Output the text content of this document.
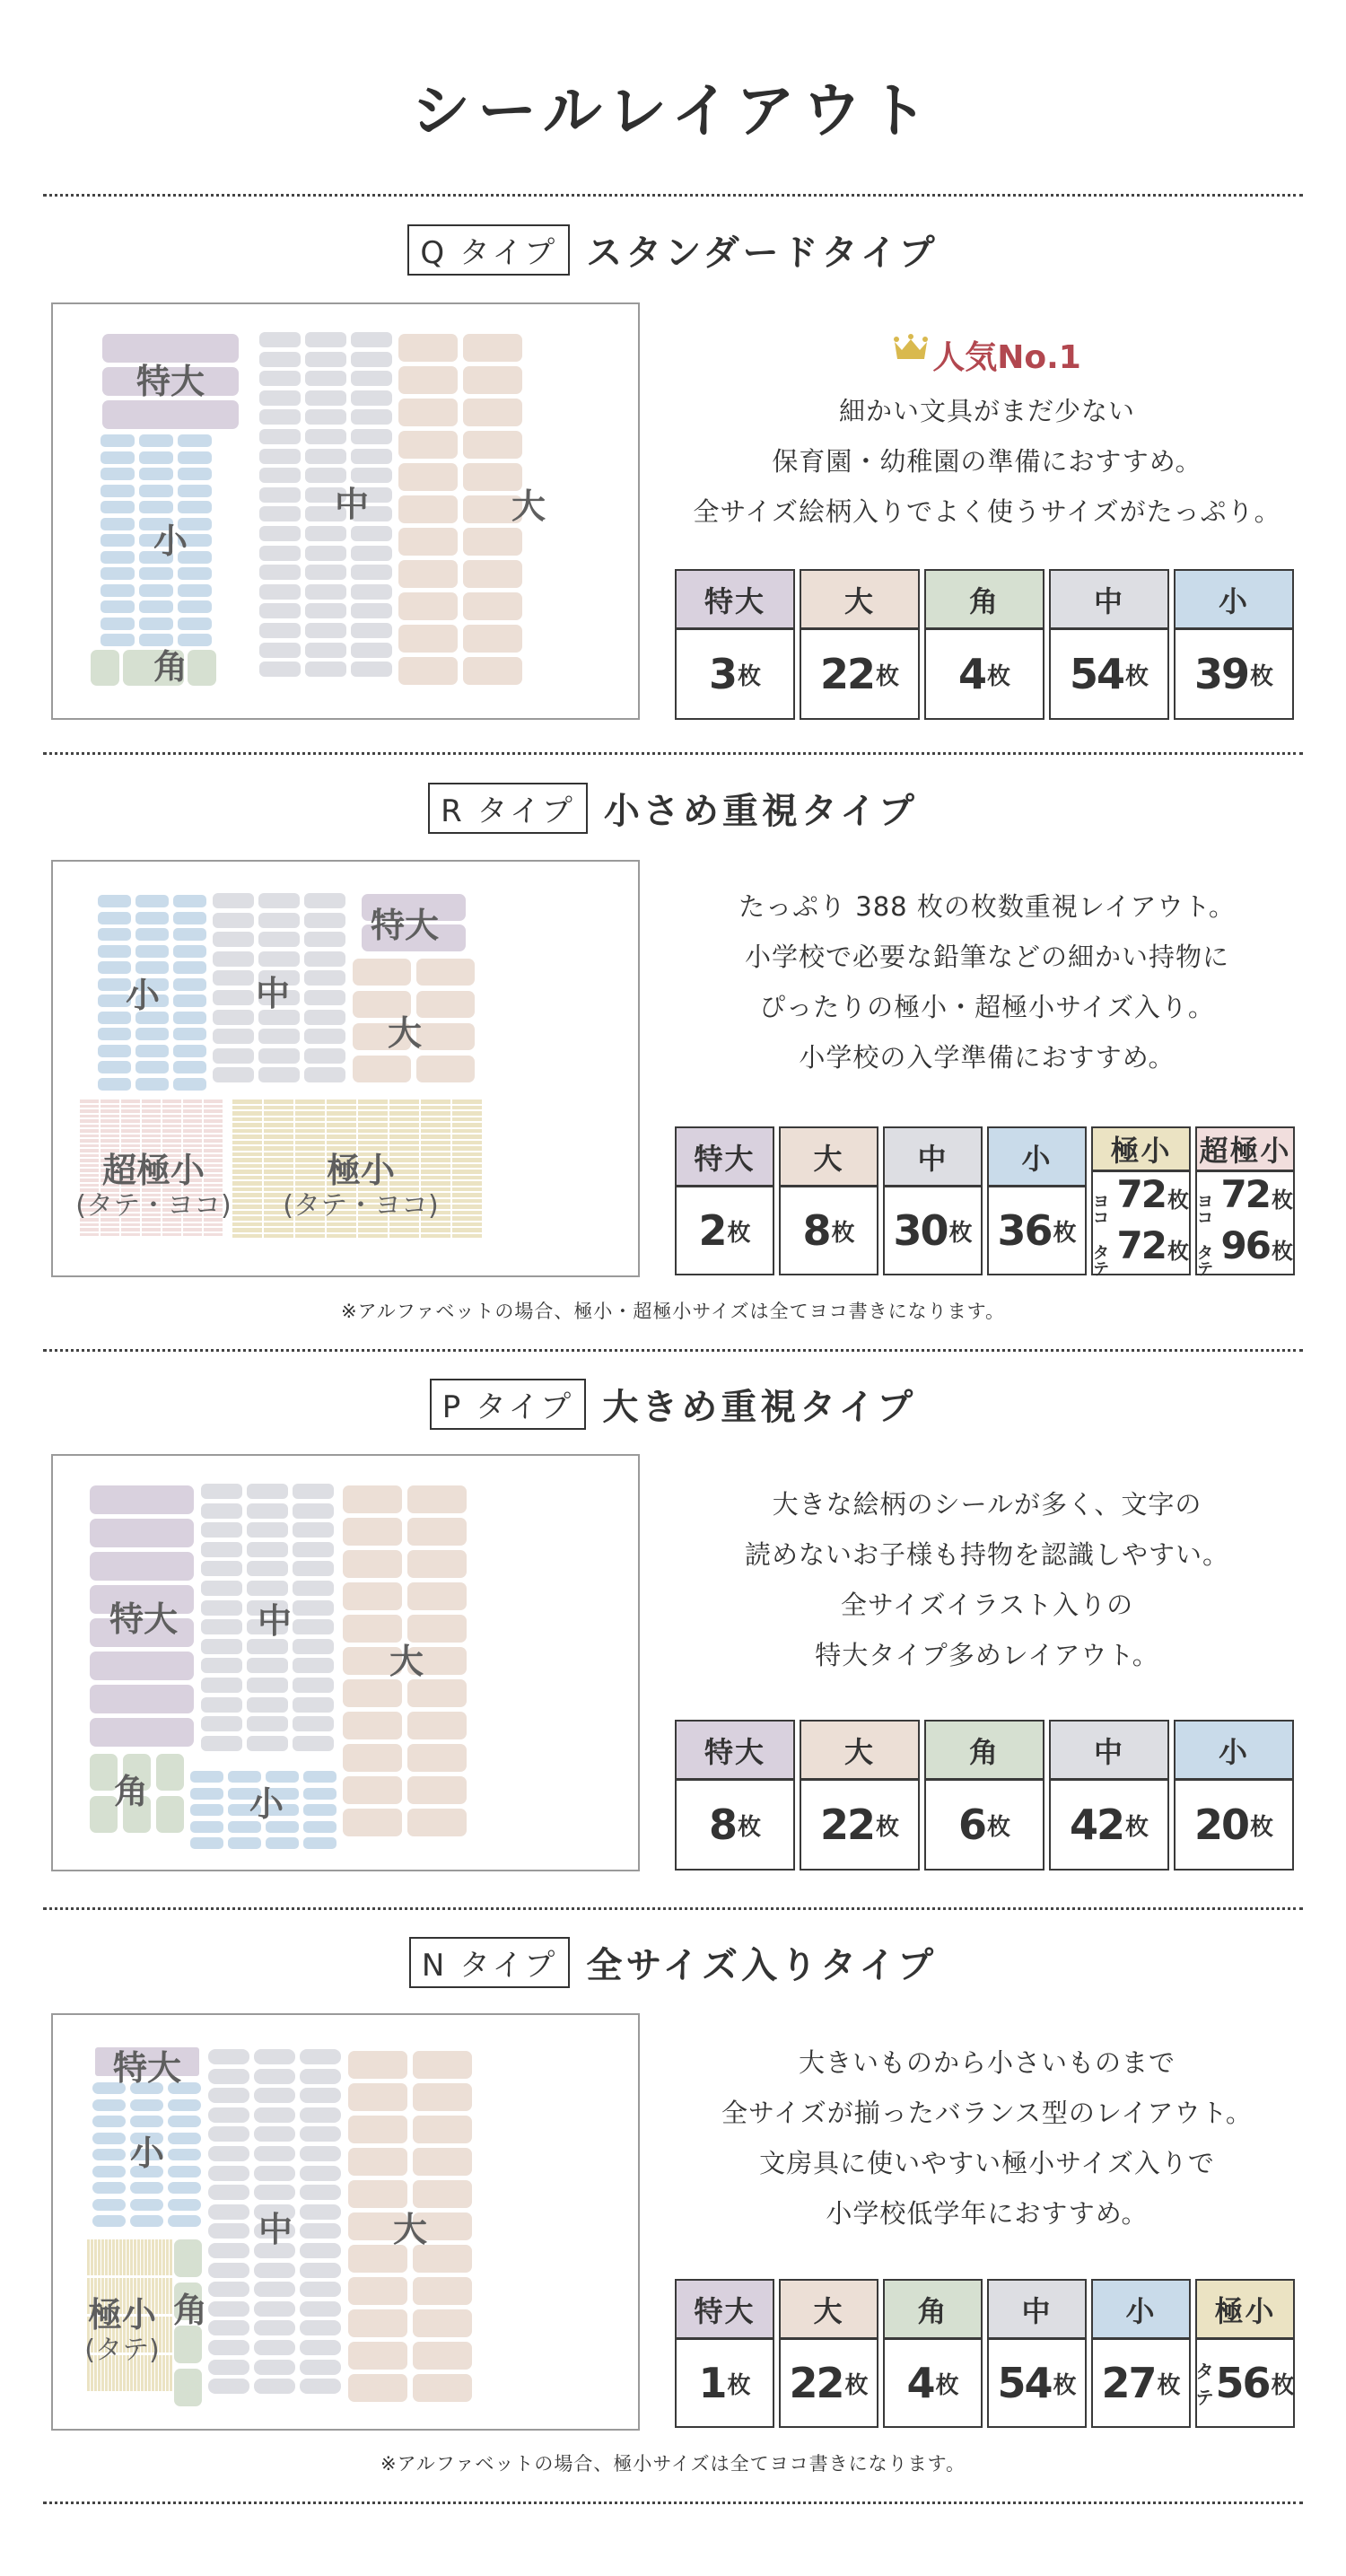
シールレイアウト
Q タイプ スタンダードタイプ
特大
小
角
中	大
人気No.1
細かい文具がまだ少ない
保育園・幼稚園の準備におすすめ。
全サイズ絵柄入りでよく使うサイズがたっぷり。
特大
3 枚
大
22 枚
角
4 枚
中
54 枚
小
39 枚
R タイプ 小さめ重視タイプ
小	中
特大
大
超極小
(タテ・ヨコ)
極小
(タテ・ヨコ)
たっぷり 388 枚の枚数重視レイアウト。
小学校で必要な鉛筆などの細かい持物に
ぴったりの極小・超極小サイズ入り。
小学校の入学準備におすすめ。
特大
2 枚
大
8 枚
中
30 枚
小
36 枚
極小
ヨコ
72 枚
タテ
72 枚
超極小
ヨコ
72 枚
タテ
96 枚
※アルファベットの場合、極小・超極小サイズは全てヨコ書きになります。
P タイプ 大きめ重視タイプ
特大 中
大
角	小
大きな絵柄のシールが多く、文字の
読めないお子様も持物を認識しやすい。
全サイズイラスト入りの
特大タイプ多めレイアウト。
特大
8 枚
大
22 枚
角
6 枚
中
42 枚
小
20 枚
N タイプ 全サイズ入りタイプ
特大
小
極小
(タテ)
角
中	大
大きいものから小さいものまで
全サイズが揃ったバランス型のレイアウト。
文房具に使いやすい極小サイズ入りで
小学校低学年におすすめ。
特大
1 枚
大
22 枚
角
4 枚
中
54 枚
小
27 枚
極小
タテ 56 枚
※アルファベットの場合、極小サイズは全てヨコ書きになります。
